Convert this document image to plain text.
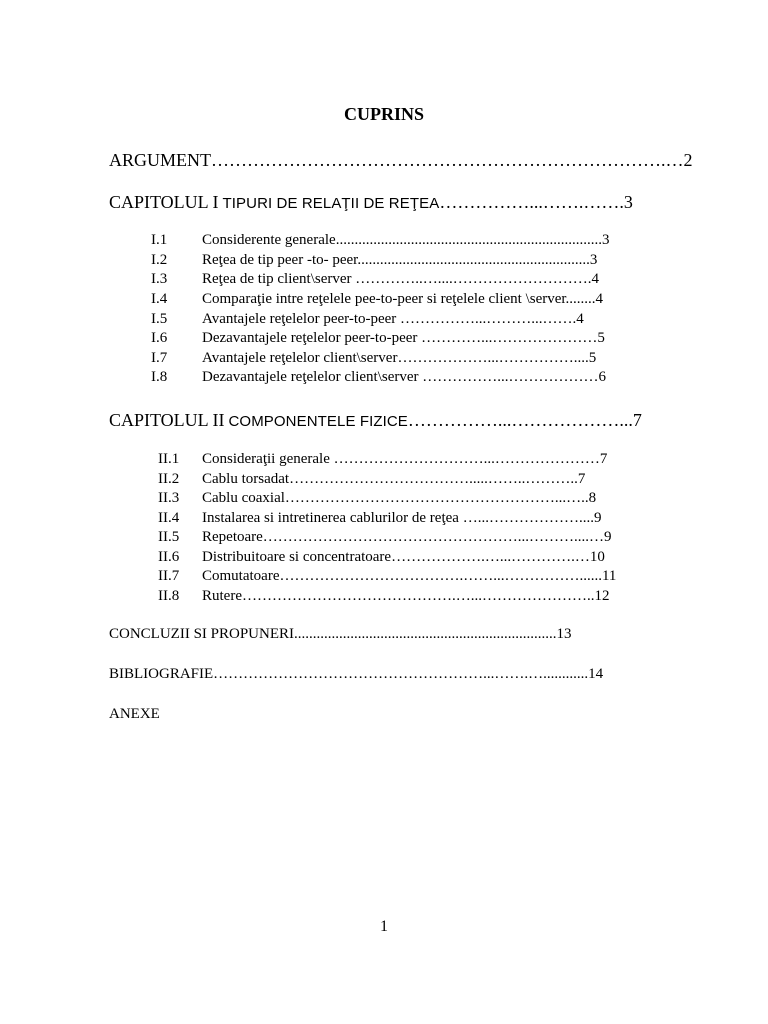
CUPRINS
ARGUMENT………………………………………………………………….…2
CAPITOLUL I TIPURI DE RELAŢII DE REŢEA……………...…….…….3
I.1 Considerente generale.......................................................................3
I.2 Reţea de tip peer -to- peer..............................................................3
I.3 Reţea de tip client\server …………..…....……………………….4
I.4 Comparaţie intre reţelele pee-to-peer si reţelele client \server........4
I.5 Avantajele reţelelor peer-to-peer ……………...………...…….4
I.6 Dezavantajele reţelelor peer-to-peer …………...…………………5
I.7 Avantajele reţelelor client\server………………...……………....5
I.8 Dezavantajele reţelelor client\server ……………...………………6
CAPITOLUL II COMPONENTELE FIZICE……………...………………...7
II.1 Consideraţii generale …………………………...…………………7
II.2 Cablu torsadat……………………………….....……..………..7
II.3 Cablu coaxial………………………………………………...…..8
II.4 Instalarea si intretinerea cablurilor de reţea …...………………....9
II.5 Repetoare……………………………………………...………....…9
II.6 Distribuitoare si concentratoare……………….…...………….…10
II.7 Comutatoare……………………………….……...……………......11
II.8 Rutere…………………………………….…...…………………..12
CONCLUZII SI PROPUNERI......................................................................13
BIBLIOGRAFIE………………………………………………...…….…............14
ANEXE
1
